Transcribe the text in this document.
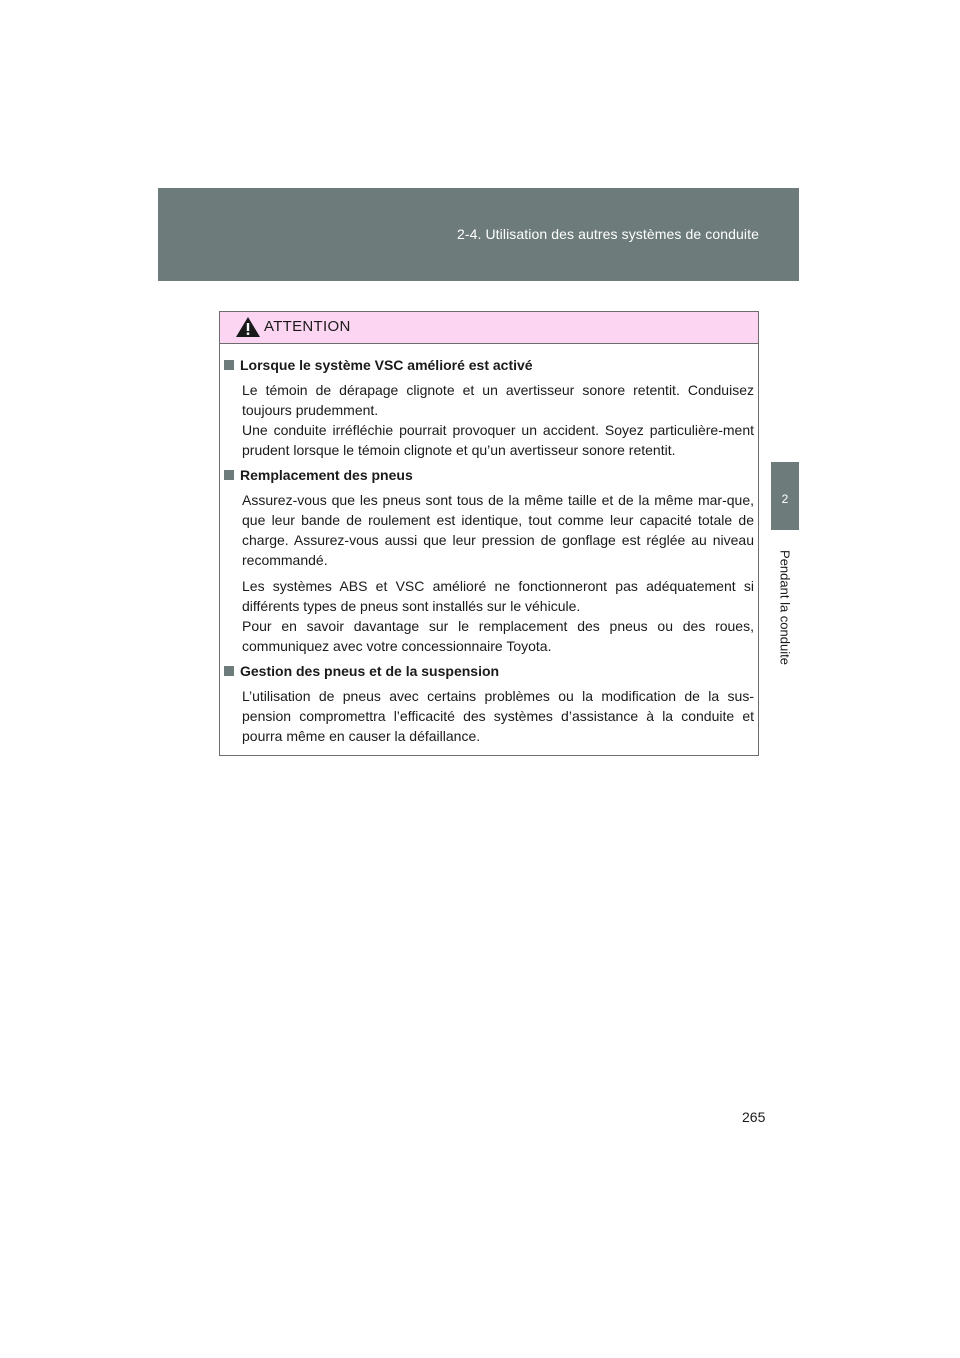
2-4. Utilisation des autres systèmes de conduite
2
Pendant la conduite
ATTENTION
Lorsque le système VSC amélioré est activé
Le témoin de dérapage clignote et un avertisseur sonore retentit. Conduisez toujours prudemment.
Une conduite irréfléchie pourrait provoquer un accident. Soyez particulière-ment prudent lorsque le témoin clignote et qu’un avertisseur sonore retentit.
Remplacement des pneus
Assurez-vous que les pneus sont tous de la même taille et de la même mar-que, que leur bande de roulement est identique, tout comme leur capacité totale de charge. Assurez-vous aussi que leur pression de gonflage est réglée au niveau recommandé.
Les systèmes ABS et VSC amélioré ne fonctionneront pas adéquatement si différents types de pneus sont installés sur le véhicule.
Pour en savoir davantage sur le remplacement des pneus ou des roues, communiquez avec votre concessionnaire Toyota.
Gestion des pneus et de la suspension
L’utilisation de pneus avec certains problèmes ou la modification de la sus-pension compromettra l’efficacité des systèmes d’assistance à la conduite et pourra même en causer la défaillance.
265
